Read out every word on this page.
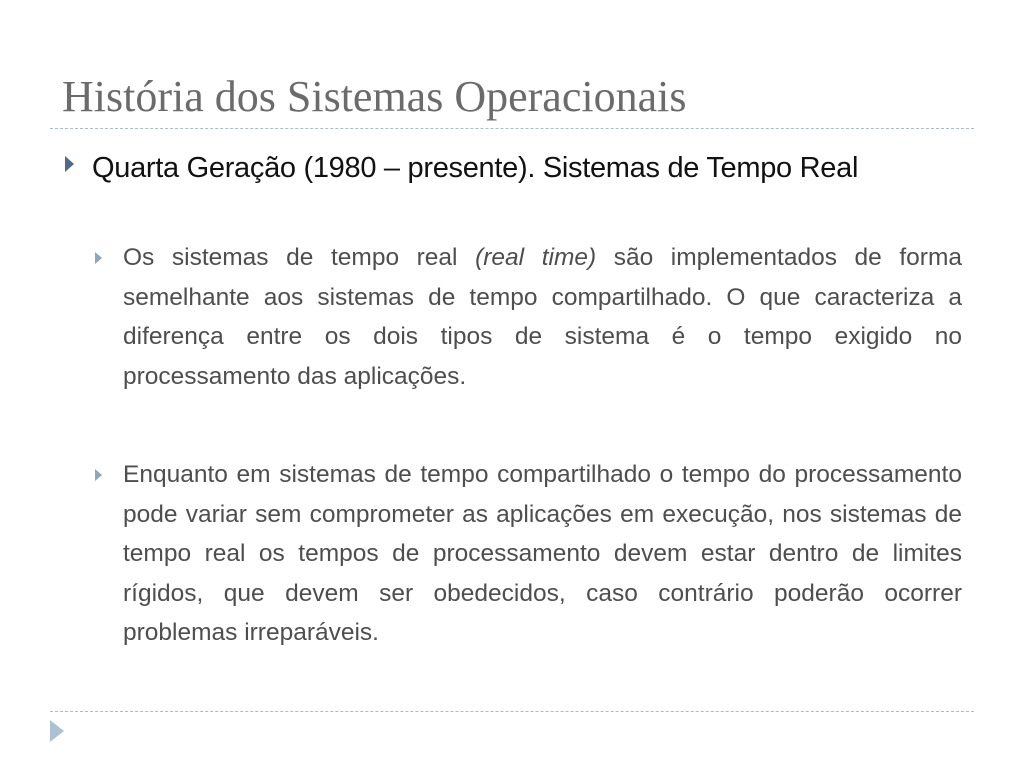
História dos Sistemas Operacionais
Quarta Geração (1980 – presente). Sistemas de Tempo Real

Os sistemas de tempo real (real time) são implementados de forma semelhante aos sistemas de tempo compartilhado. O que caracteriza a diferença entre os dois tipos de sistema é o tempo exigido no processamento das aplicações.

Enquanto em sistemas de tempo compartilhado o tempo do processamento pode variar sem comprometer as aplicações em execução, nos sistemas de tempo real os tempos de processamento devem estar dentro de limites rígidos, que devem ser obedecidos, caso contrário poderão ocorrer problemas irreparáveis.
